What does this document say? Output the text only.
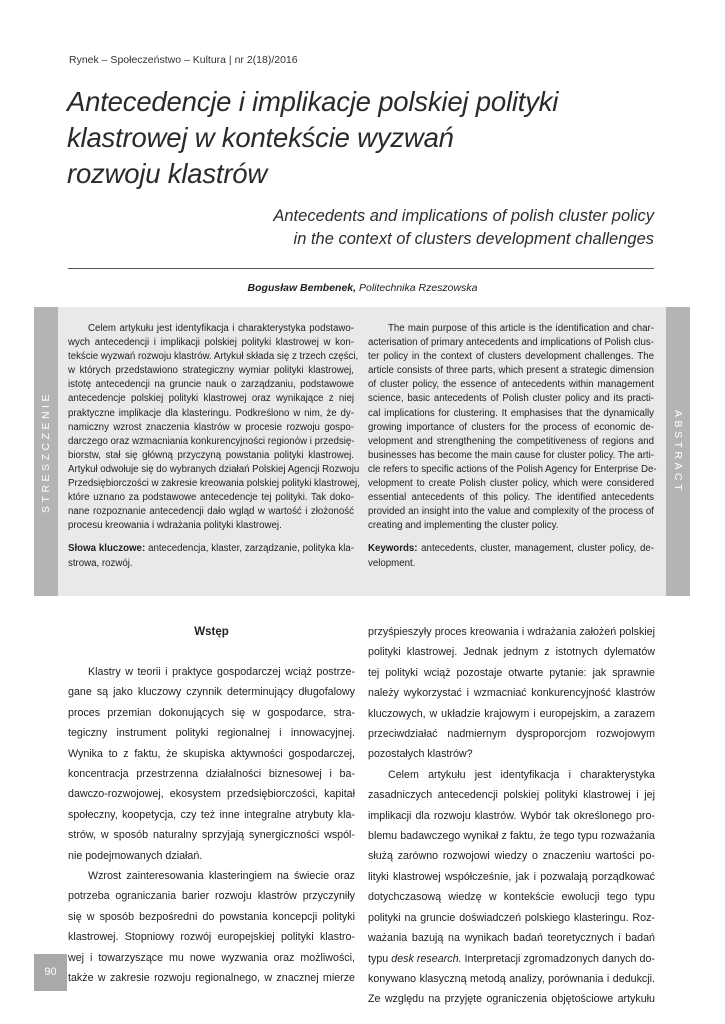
Rynek – Społeczeństwo – Kultura | nr 2(18)/2016
Antecedencje i implikacje polskiej polityki
klastrowej w kontekście wyzwań
rozwoju klastrów
Antecedents and implications of polish cluster policy
in the context of clusters development challenges
Bogusław Bembenek, Politechnika Rzeszowska
STRESZCZENIE	ABSTRACT
Celem artykułu jest identyfikacja i charakterystyka podstawo-
wych antecedencji i implikacji polskiej polityki klastrowej w kon-
tekście wyzwań rozwoju klastrów. Artykuł składa się z trzech części,
w których przedstawiono strategiczny wymiar polityki klastrowej,
istotę antecedencji na gruncie nauk o zarządzaniu, podstawowe
antecedencje polskiej polityki klastrowej oraz wynikające z niej
praktyczne implikacje dla klasteringu. Podkreślono w nim, że dy-
namiczny wzrost znaczenia klastrów w procesie rozwoju gospo-
darczego oraz wzmacniania konkurencyjności regionów i przedsię-
biorstw, stał się główną przyczyną powstania polityki klastrowej.
Artykuł odwołuje się do wybranych działań Polskiej Agencji Rozwoju
Przedsiębiorczości w zakresie kreowania polskiej polityki klastrowej,
które uznano za podstawowe antecedencje tej polityki. Tak doko-
nane rozpoznanie antecedencji dało wgląd w wartość i złożoność
procesu kreowania i wdrażania polityki klastrowej.
Słowa kluczowe: antecedencja, klaster, zarządzanie, polityka kla-
strowa, rozwój.
The main purpose of this article is the identification and char-
acterisation of primary antecedents and implications of Polish clus-
ter policy in the context of clusters development challenges. The
article consists of three parts, which present a strategic dimension
of cluster policy, the essence of antecedents within management
science, basic antecedents of Polish cluster policy and its practi-
cal implications for clustering. It emphasises that the dynamically
growing importance of clusters for the process of economic de-
velopment and strengthening the competitiveness of regions and
businesses has become the main cause for cluster policy. The arti-
cle refers to specific actions of the Polish Agency for Enterprise De-
velopment to create Polish cluster policy, which were considered
essential antecedents of this policy. The identified antecedents
provided an insight into the value and complexity of the process of
creating and implementing the cluster policy.
Keywords: antecedents, cluster, management, cluster policy, de-
velopment.
Wstęp
Klastry w teorii i praktyce gospodarczej wciąż postrze-
gane są jako kluczowy czynnik determinujący długofalowy
proces przemian dokonujących się w gospodarce, stra-
tegiczny instrument polityki regionalnej i innowacyjnej.
Wynika to z faktu, że skupiska aktywności gospodarczej,
koncentracja przestrzenna działalności biznesowej i ba-
dawczo-rozwojowej, ekosystem przedsiębiorczości, kapitał
społeczny, koopetycja, czy też inne integralne atrybuty kla-
strów, w sposób naturalny sprzyjają synergiczności wspól-
nie podejmowanych działań.
Wzrost zainteresowania klasteringiem na świecie oraz
potrzeba ograniczania barier rozwoju klastrów przyczyniły
się w sposób bezpośredni do powstania koncepcji polityki
klastrowej. Stopniowy rozwój europejskiej polityki klastro-
wej i towarzyszące mu nowe wyzwania oraz możliwości,
także w zakresie rozwoju regionalnego, w znacznej mierze
przyśpieszyły proces kreowania i wdrażania założeń polskiej
polityki klastrowej. Jednak jednym z istotnych dylematów
tej polityki wciąż pozostaje otwarte pytanie: jak sprawnie
należy wykorzystać i wzmacniać konkurencyjność klastrów
kluczowych, w układzie krajowym i europejskim, a zarazem
przeciwdziałać nadmiernym dysproporcjom rozwojowym
pozostałych klastrów?
Celem artykułu jest identyfikacja i charakterystyka
zasadniczych antecedencji polskiej polityki klastrowej i jej
implikacji dla rozwoju klastrów. Wybór tak określonego pro-
blemu badawczego wynikał z faktu, że tego typu rozważania
służą zarówno rozwojowi wiedzy o znaczeniu wartości po-
lityki klastrowej współcześnie, jak i pozwalają porządkować
dotychczasową wiedzę w kontekście ewolucji tego typu
polityki na gruncie doświadczeń polskiego klasteringu. Roz-
ważania bazują na wynikach badań teoretycznych i badań
typu desk research. Interpretacji zgromadzonych danych do-
konywano klasyczną metodą analizy, porównania i dedukcji.
Ze względu na przyjęte ograniczenia objętościowe artykułu
90
